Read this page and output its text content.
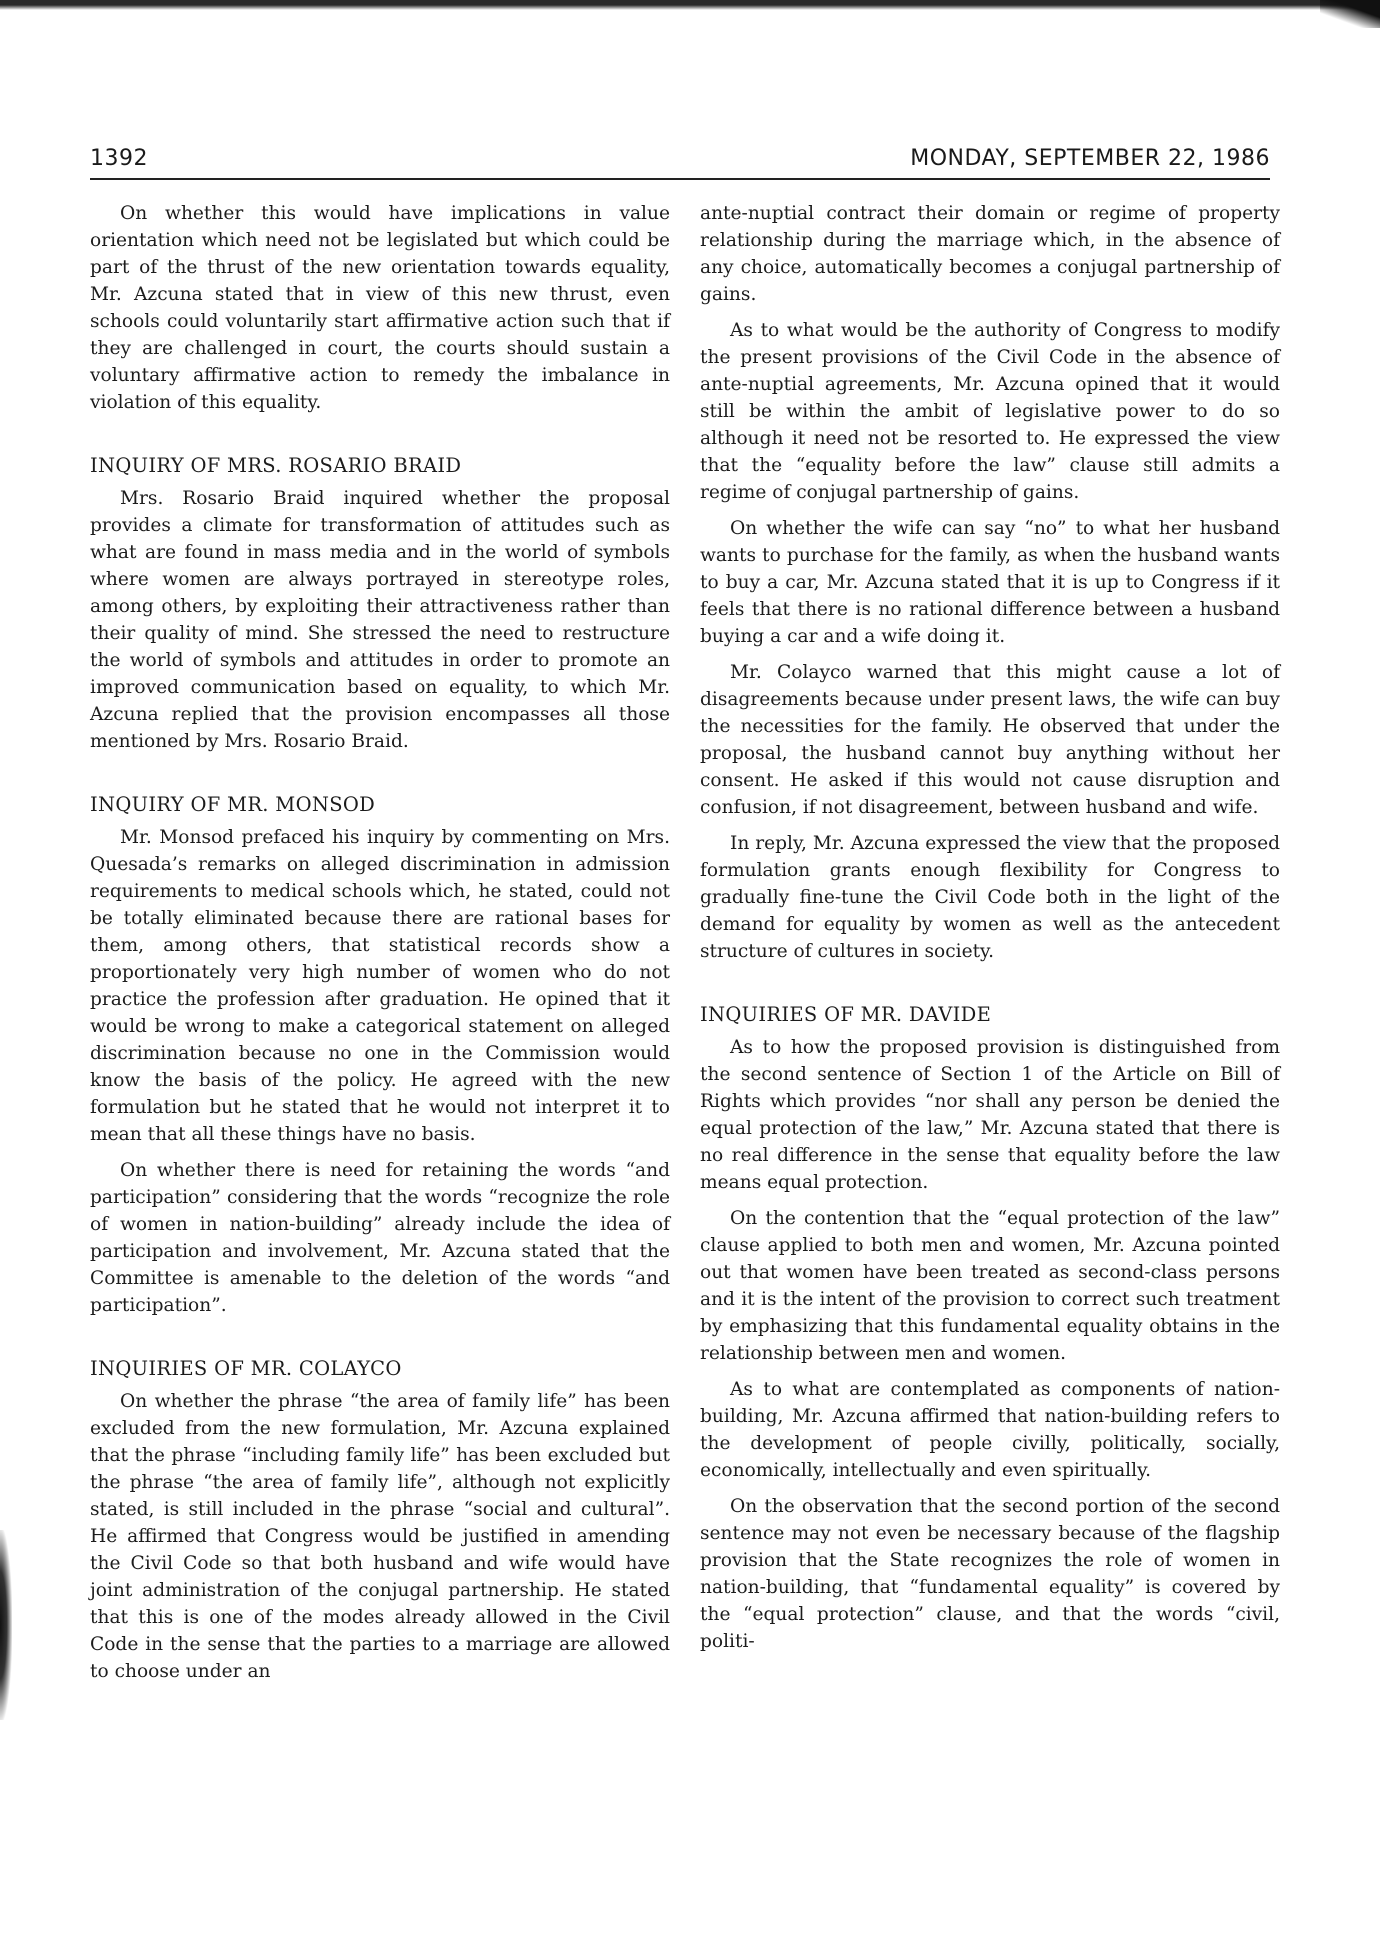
1392	MONDAY, SEPTEMBER 22, 1986

On whether this would have implications in value orientation which need not be legislated but which could be part of the thrust of the new orientation towards equality, Mr. Azcuna stated that in view of this new thrust, even schools could voluntarily start affirmative action such that if they are challenged in court, the courts should sustain a voluntary affirmative action to remedy the imbalance in violation of this equality.

INQUIRY OF MRS. ROSARIO BRAID

Mrs. Rosario Braid inquired whether the proposal provides a climate for transformation of attitudes such as what are found in mass media and in the world of symbols where women are always portrayed in stereotype roles, among others, by exploiting their attractiveness rather than their quality of mind. She stressed the need to restructure the world of symbols and attitudes in order to promote an improved communication based on equality, to which Mr. Azcuna replied that the provision encompasses all those mentioned by Mrs. Rosario Braid.

INQUIRY OF MR. MONSOD

Mr. Monsod prefaced his inquiry by commenting on Mrs. Quesada’s remarks on alleged discrimination in admission requirements to medical schools which, he stated, could not be totally eliminated because there are rational bases for them, among others, that statistical records show a proportionately very high number of women who do not practice the profession after graduation. He opined that it would be wrong to make a categorical statement on alleged discrimination because no one in the Commission would know the basis of the policy. He agreed with the new formulation but he stated that he would not interpret it to mean that all these things have no basis.

On whether there is need for retaining the words “and participation” considering that the words “recognize the role of women in nation-building” already include the idea of participation and involvement, Mr. Azcuna stated that the Committee is amenable to the deletion of the words “and participation”.

INQUIRIES OF MR. COLAYCO

On whether the phrase “the area of family life” has been excluded from the new formulation, Mr. Azcuna explained that the phrase “including family life” has been excluded but the phrase “the area of family life”, although not explicitly stated, is still included in the phrase “social and cultural”. He affirmed that Congress would be justified in amending the Civil Code so that both husband and wife would have joint administration of the conjugal partnership. He stated that this is one of the modes already allowed in the Civil Code in the sense that the parties to a marriage are allowed to choose under an

ante-nuptial contract their domain or regime of property relationship during the marriage which, in the absence of any choice, automatically becomes a conjugal partnership of gains.

As to what would be the authority of Congress to modify the present provisions of the Civil Code in the absence of ante-nuptial agreements, Mr. Azcuna opined that it would still be within the ambit of legislative power to do so although it need not be resorted to. He expressed the view that the “equality before the law” clause still admits a regime of conjugal partnership of gains.

On whether the wife can say “no” to what her husband wants to purchase for the family, as when the husband wants to buy a car, Mr. Azcuna stated that it is up to Congress if it feels that there is no rational difference between a husband buying a car and a wife doing it.

Mr. Colayco warned that this might cause a lot of disagreements because under present laws, the wife can buy the necessities for the family. He observed that under the proposal, the husband cannot buy anything without her consent. He asked if this would not cause disruption and confusion, if not disagreement, between husband and wife.

In reply, Mr. Azcuna expressed the view that the proposed formulation grants enough flexibility for Congress to gradually fine-tune the Civil Code both in the light of the demand for equality by women as well as the antecedent structure of cultures in society.

INQUIRIES OF MR. DAVIDE

As to how the proposed provision is distinguished from the second sentence of Section 1 of the Article on Bill of Rights which provides “nor shall any person be denied the equal protection of the law,” Mr. Azcuna stated that there is no real difference in the sense that equality before the law means equal protection.

On the contention that the “equal protection of the law” clause applied to both men and women, Mr. Azcuna pointed out that women have been treated as second-class persons and it is the intent of the provision to correct such treatment by emphasizing that this fundamental equality obtains in the relationship between men and women.

As to what are contemplated as components of nation-building, Mr. Azcuna affirmed that nation-building refers to the development of people civilly, politically, socially, economically, intellectually and even spiritually.

On the observation that the second portion of the second sentence may not even be necessary because of the flagship provision that the State recognizes the role of women in nation-building, that “fundamental equality” is covered by the “equal protection” clause, and that the words “civil, politi-
